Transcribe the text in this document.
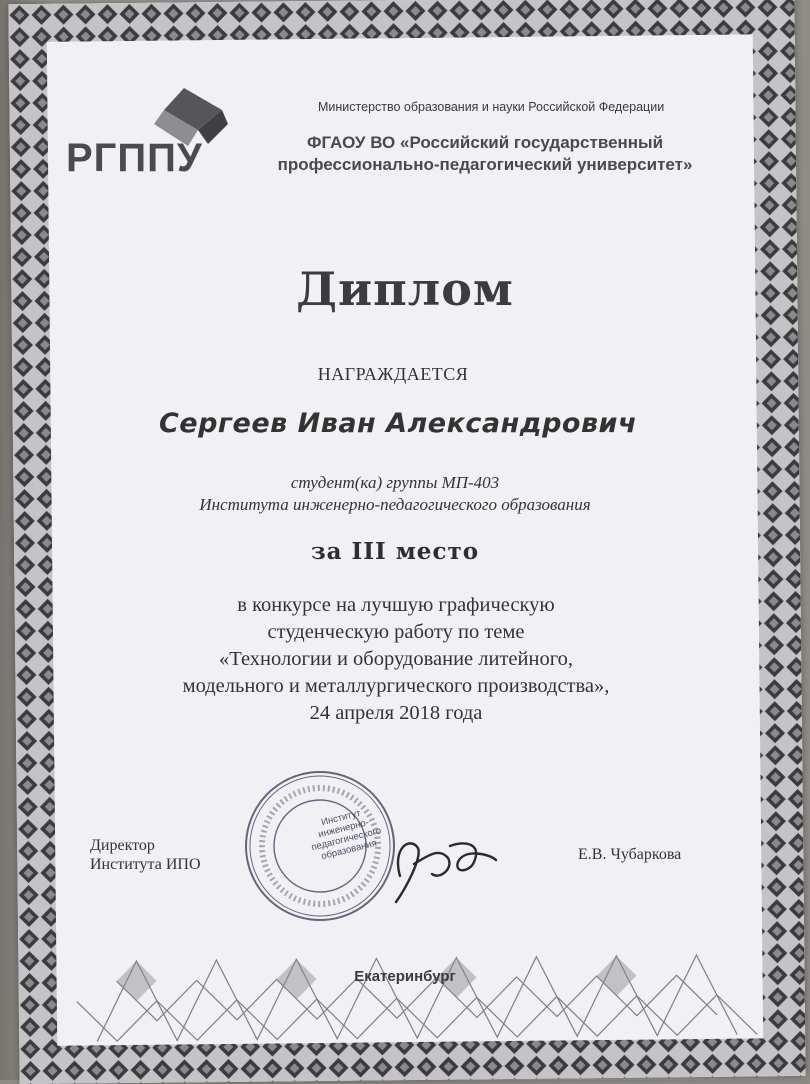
РГППУ
Министерство образования и науки Российской Федерации
ФГАОУ ВО «Российский государственный
профессионально-педагогический университет»
Диплом
НАГРАЖДАЕТСЯ
Сергеев Иван Александрович
студент(ка) группы МП-403
Института инженерно-педагогического образования
за III место
в конкурсе на лучшую графическую
студенческую работу по теме
«Технологии и оборудование литейного,
модельного и металлургического производства»,
24 апреля 2018 года
Директор
Института ИПО
Институт инженерно-педагогического образования	Е.В. Чубаркова
Екатеринбург
